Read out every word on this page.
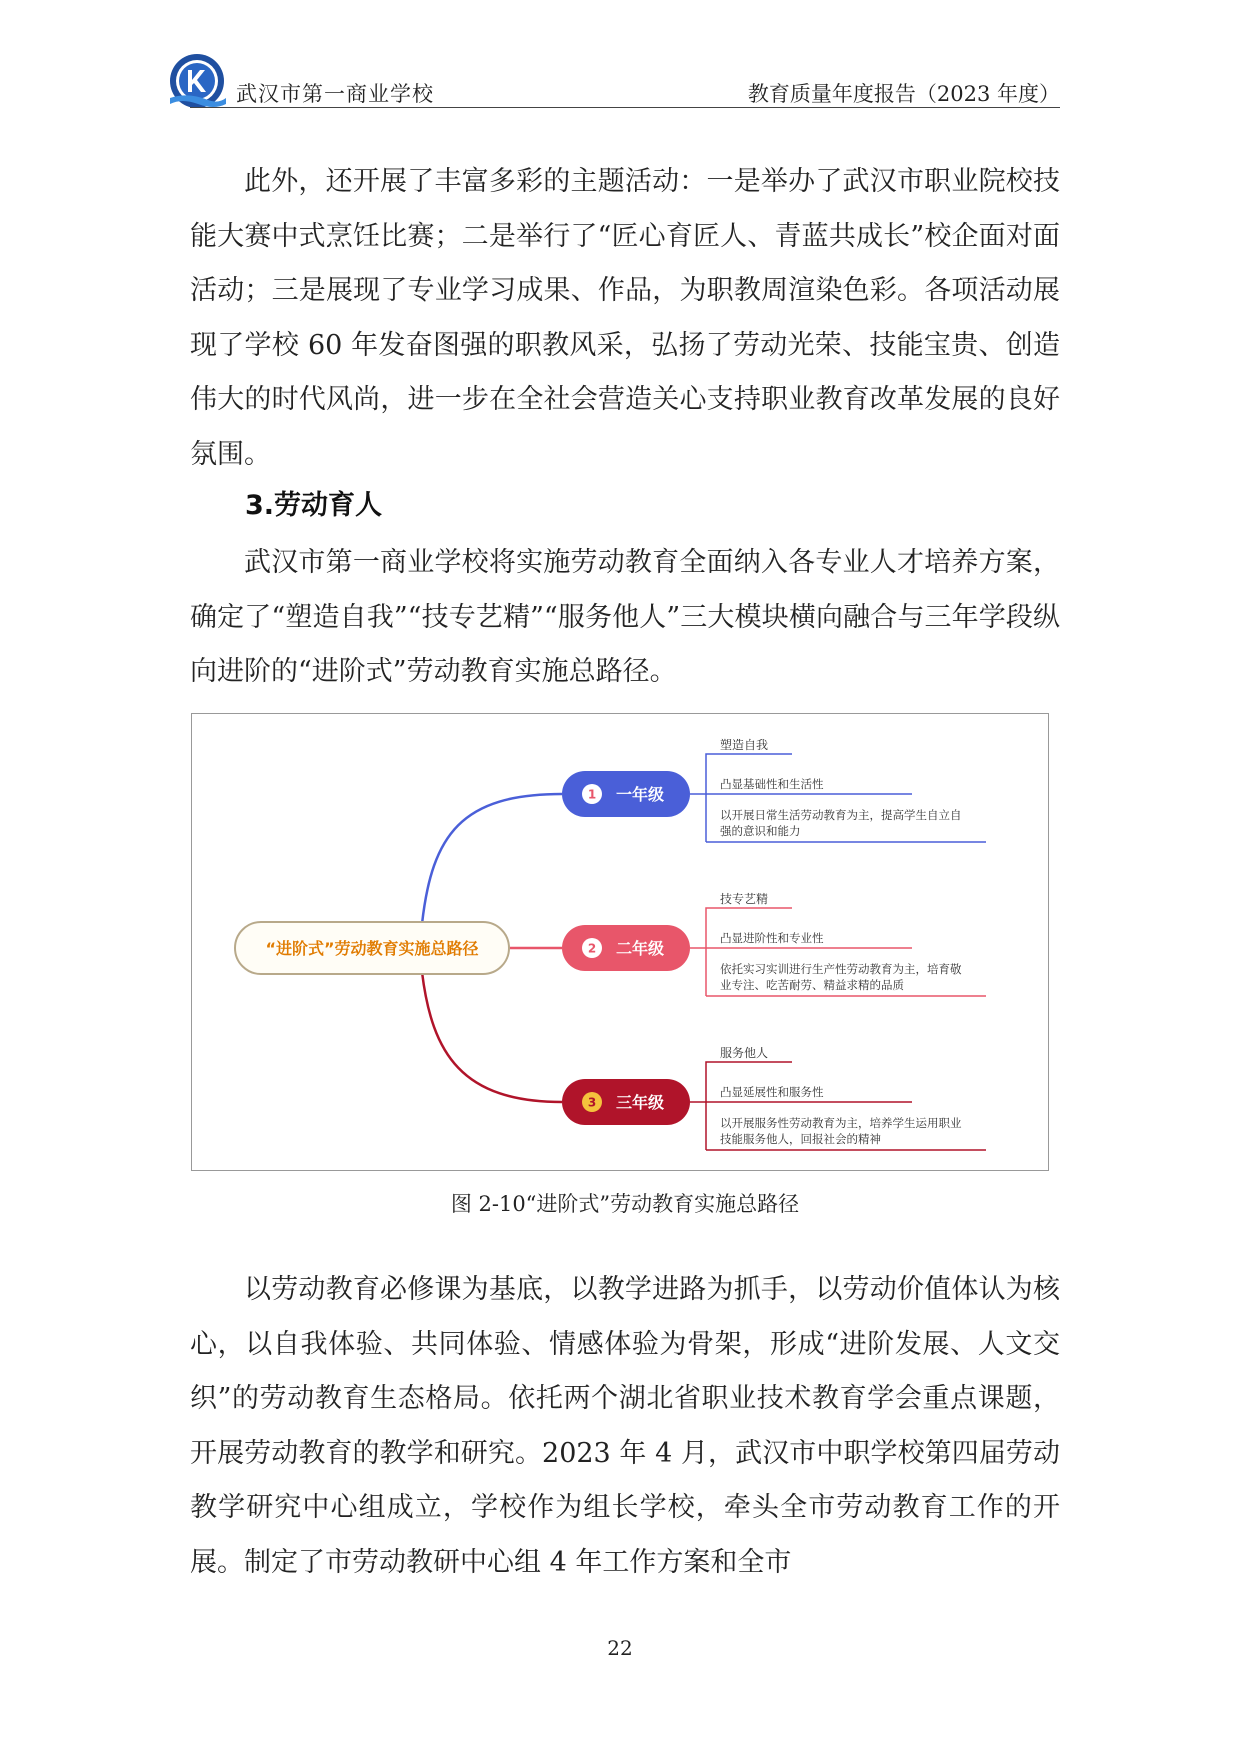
武汉市第一商业学校	教育质量年度报告（2023 年度）

此外，还开展了丰富多彩的主题活动：一是举办了武汉市职业院校技能大赛中式烹饪比赛；二是举行了“匠心育匠人、青蓝共成长”校企面对面活动；三是展现了专业学习成果、作品，为职教周渲染色彩。各项活动展现了学校 60 年发奋图强的职教风采，弘扬了劳动光荣、技能宝贵、创造伟大的时代风尚，进一步在全社会营造关心支持职业教育改革发展的良好氛围。

3.劳动育人

武汉市第一商业学校将实施劳动教育全面纳入各专业人才培养方案，确定了“塑造自我”“技专艺精”“服务他人”三大模块横向融合与三年学段纵向进阶的“进阶式”劳动教育实施总路径。

“进阶式”劳动教育实施总路径
1 一年级
塑造自我
凸显基础性和生活性
以开展日常生活劳动教育为主，提高学生自立自
强的意识和能力
2 二年级
技专艺精
凸显进阶性和专业性
依托实习实训进行生产性劳动教育为主，培育敬
业专注、吃苦耐劳、精益求精的品质
3 三年级
服务他人
凸显延展性和服务性
以开展服务性劳动教育为主，培养学生运用职业
技能服务他人，回报社会的精神
图 2-10“进阶式”劳动教育实施总路径

以劳动教育必修课为基底，以教学进路为抓手，以劳动价值体认为核心，以自我体验、共同体验、情感体验为骨架，形成“进阶发展、人文交织”的劳动教育生态格局。依托两个湖北省职业技术教育学会重点课题，开展劳动教育的教学和研究。2023 年 4 月，武汉市中职学校第四届劳动教学研究中心组成立，学校作为组长学校，牵头全市劳动教育工作的开展。制定了市劳动教研中心组 4 年工作方案和全市

22
